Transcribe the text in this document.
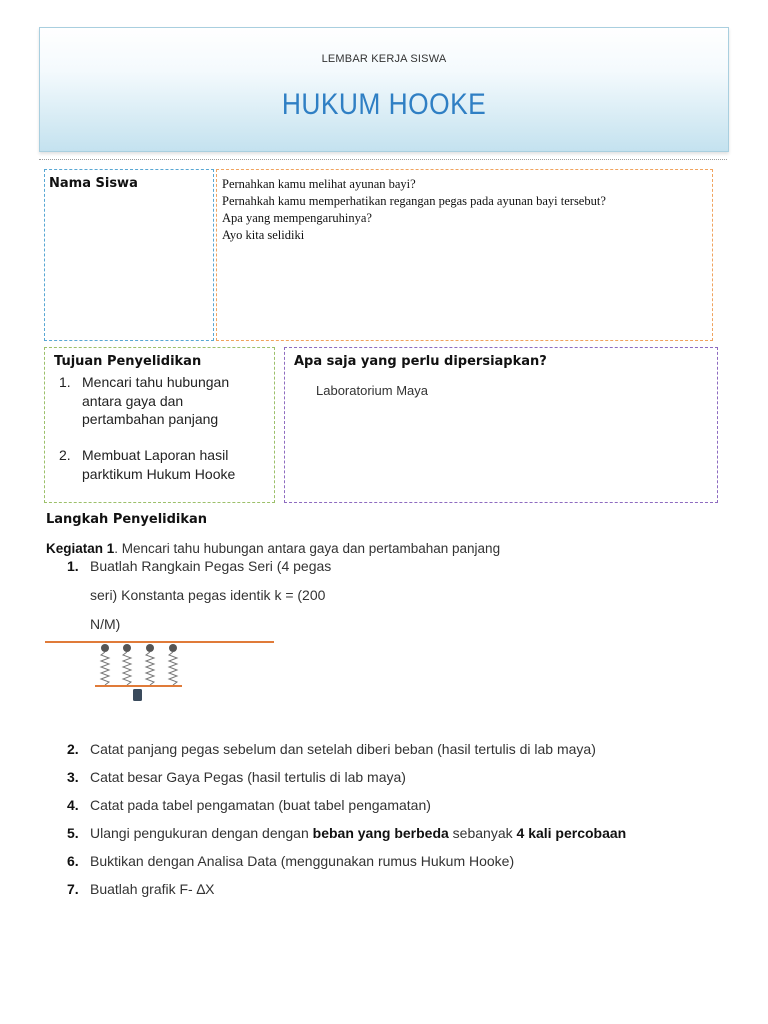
LEMBAR KERJA SISWA
HUKUM HOOKE
Nama Siswa	Pernahkan kamu melihat ayunan bayi?
Pernahkah kamu memperhatikan regangan pegas pada ayunan bayi tersebut?
Apa yang mempengaruhinya?
Ayo kita selidiki
Tujuan Penyelidikan
1. Mencari tahu hubungan antara gaya dan pertambahan panjang
2. Membuat Laporan hasil parktikum Hukum Hooke
Apa saja yang perlu dipersiapkan?
Laboratorium Maya
Langkah Penyelidikan
Kegiatan 1. Mencari tahu hubungan antara gaya dan pertambahan panjang
1. Buatlah Rangkain Pegas Seri (4 pegas
seri) Konstanta pegas identik k = (200
N/M)
2. Catat panjang pegas sebelum dan setelah diberi beban (hasil tertulis di lab maya)
3. Catat besar Gaya Pegas (hasil tertulis di lab maya)
4. Catat pada tabel pengamatan (buat tabel pengamatan)
5. Ulangi pengukuran dengan dengan beban yang berbeda sebanyak 4 kali percobaan
6. Buktikan dengan Analisa Data (menggunakan rumus Hukum Hooke)
7. Buatlah grafik F- ∆X
